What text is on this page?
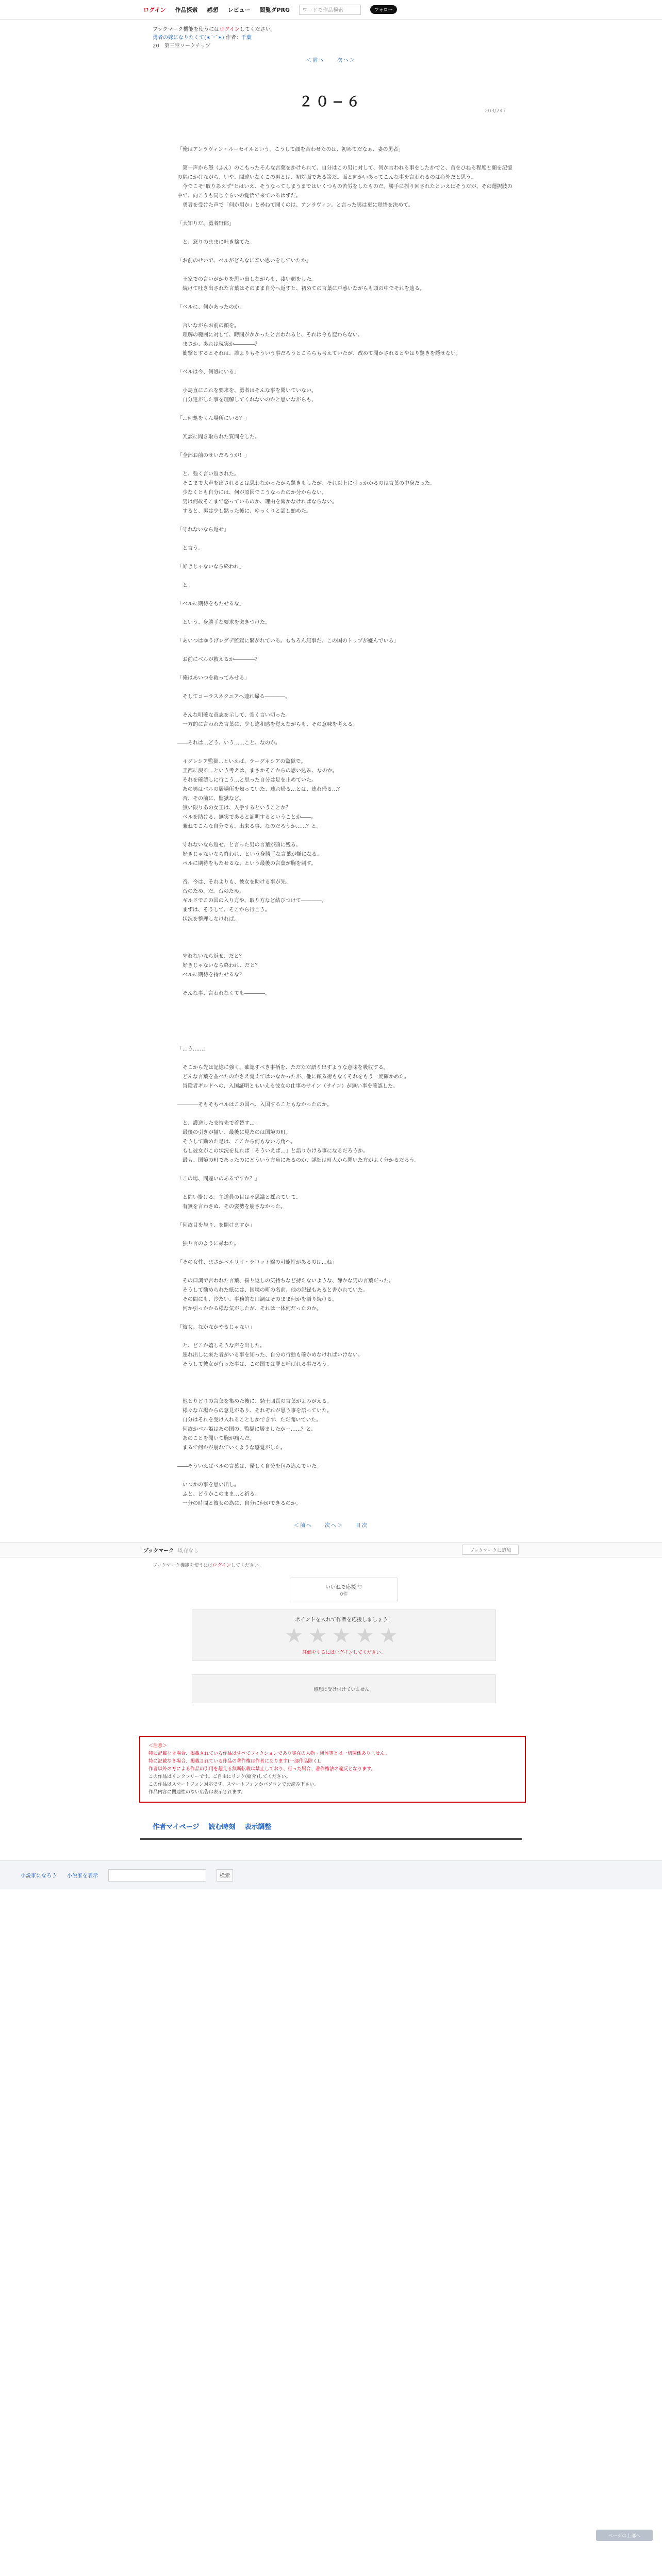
ログイン 作品探索 感想 レビュー 閲覧ダPRG	ワードで作品検索	フォロー
ブックマーク機能を使うにはログインしてください。
勇者の嫁になりたくて(∗ˊᵕˋ∗) 作者：千葉
20　第三章ワークチップ
＜前へ　　次へ＞
203/247
２０−６

「俺はアンラヴィン・ルーセイルという。こうして顔を合わせたのは、初めてだなぁ、妻の勇者」

　第一声から怒（ふん）のこもったそんな言葉をかけられて、自分はこの男に対して、何か言われる事をしたかでと、首をひねる程度と顔を記憶の隅にかけながら、いや、間違いなくこの男とは、初対面である筈だ。面と向かいあってこんな事を言われるのは心外だと思う。

　今でこそ"取りあえず"とはいえ、そうなってしまうまではいくつもの苦労をしたものだ。勝手に振り回されたといえばそうだが、その選択肢の中で、向こうも同じぐらいの覚悟で来ているはずだ。

　勇者を受けた声で「何か用か」と尋ねて聞くのは、アンラヴィン。と言った男は更に覚悟を決めて。

「大知りだ、勇者野郎」

　と、怒りのままに吐き捨てた。

「お前のせいで、ベルがどんなに辛い思いをしていたか」

　王家での言いがかりを思い出しながらも、凄い顔をした。

　続けて吐き出された言葉はそのまま自分へ返すと、初めての言葉に戸惑いながらも頭の中でそれを辿る。

「ベルに、何かあったのか」

　言いながらお前の顔を。

　理解の範囲に対して、時間がかかったと言われると、それは今も変わらない。

　まさか、あれは現実か――――？

　衝撃とするとそれは、誰よりもそういう事だろうとこちらも考えていたが、改めて聞かされるとやはり驚きを隠せない。

「ベルは今、何処にいる」

　小島直にこれを要求を、勇者はそんな事を聞いていない。

　自分達がした事を理解してくれないのかと思いながらも、

「…何処をくん場所にいる？」

　冗談に聞き取られた質問をした。

「全部お前のせいだろうが！」

　と、強く言い返された。

　そこまで大声を出されるとは思わなかったから驚きもしたが、それ以上に引っかかるのは言葉の中身だった。

　少なくとも自分には、何が原因でこうなったのか分からない。

　男は何故そこまで怒っているのか、理由を聞かなければならない。

　すると、男は少し黙った後に、ゆっくりと話し始めた。

「守れないなら返せ」

　と言う。

「好きじゃないなら終われ」

　と。

「ベルに期待をもたせるな」

　という、身勝手な要求を突きつけた。

「あいつはゆうげレグデ監獄に繋がれている。もちろん無事だ。この国のトップが嫌んでいる」

　お前にベルが救えるか――――？

「俺はあいつを救ってみせる」

　そしてコーラスネクニアへ連れ帰る――――。

　そんな明確な意志を示して、強く言い切った。

　一方的に言われた言葉に、少し違和感を覚えながらも、その意味を考える。

――それは…どう、いう……こと、なのか。

　イグレシア監獄…といえば、ラーグネシアの監獄で。

　王都に戻る…という考えは、まさかそこからの思い込み、なのか。

　それを確認しに行こう…と思った自分は足を止めていた。

　あの男はベルの居場所を知っていた、連れ帰る…とは、連れ帰る…？

　否、その前に、監獄など。

　無い限りあの女王は、入手するということか？

　ベルを助ける、無実であると証明するということか――。

　兼ねてこんな自分でも、出来る事、なのだろうか……？と。

　守れないなら返せ、と言った男の言葉が頭に残る。

　好きじゃないなら終われ、という身勝手な言葉が嫌になる。

　ベルに期待をもたせるな、という最後の言葉が胸を刺す。

　否、今は、それよりも、彼女を助ける事が先。

　否のため、だ。否のため。

　ギルドでこの国の入り方や、取り方など結びつけて――――。

　まずは、そうして、そこから行こう。

　状況を整理しなければ。

　守れないなら返せ、だと？

　好きじゃないなら終われ、だと？

　ベルに期待を持たせるな？

　そんな事、言われなくても――――。

「…う……」

　そこから先は記憶に強く、確認すべき事柄を、ただただ語り出すような意味を吸収する。

　どんな言葉を並べたのかさえ覚えてはいなかったが、他に頼る術もなくそれをもう一度確かめた。

　冒険者ギルドへの、入国証明ともいえる彼女の仕事のサイン（サイン）が無い事を確認した。

――――そもそもベルはこの国へ、入国することもなかったのか。

　と、護送した支持先で着替す…。

　最後の引きが揃い、最後に見たのは国境の町。

　そうして勤めた足は、ここから何もない方角へ。

　もし彼女がこの状況を見れば「そういえば…」と語りかける事になるだろうか。

　最も、国境の町であったのにどういう方角にあるのか、詳細は町人から聞いた方がよく分かるだろう。

「この場、間違いのあるですか？」

　と問い掛ける。主道員の目は不思議と揺れていて、

　有無を言わさぬ、その姿勢を崩さなかった。

「何故目を与り、を開けますか」

　独り言のように尋ねた。

「その女性、まさかベルリオ・ラコット嬢の可能性があるのは…ね」

　その口調で言われた言葉、揺り返しの気持ちなど持たないような、静かな男の言葉だった。

　そうして勧められた紙には、国境の町の名前、他の記録もあると書かれていた。

　その間にも、冷たい、事務的な口調はそのまま何かを語り続ける。

　何か引っかかる様な気がしたが、それは一体何だったのか。

「彼女、なかなかやるじゃない」

　と、どこか嬉しそうな声を出した。

　連れ出しに来た者がいる事を知った、自分の行動も確かめなければいけない。

　そうして彼女が行った事は、この国では罪と呼ばれる事だろう。

　他とりどりの言葉を集めた後に、騎士団長の言葉がよみがえる。

　様々な立場からの意見があり、それぞれが思う事を語っていた。

　自分はそれを受け入れることしかできず、ただ聞いていた。

　何故かベル姫はあの国の、監獄に居ましたかー……？と。

　あのことを聞いて胸が痛んだ。

　まるで何かが崩れていくような感覚がした。

――そういえばベルの言葉は、優しく自分を包み込んでいた。

　いつかの事を思い出し。

　ふと、どうかこのまま…と祈る。

　一分の時間と彼女の為に、自分に何ができるのか。

ページの上部へ
＜前へ　　次へ＞　　目次
ブックマーク 既存なし	ブックマークに追加
ブックマーク機能を使うにはログインしてください。
いいねで応援 ♡
0件
ポイントを入れて作者を応援しましょう！
★★★★★
評価をするにはログインしてください。
感想は受け付けていません。
＜注意＞
特に記載なき場合、掲載されている作品はすべてフィクションであり実在の人物・団体等とは一切関係ありません。
特に記載なき場合、掲載されている作品の著作権は作者にあります(一部作品除く)。
作者以外の方による作品の引用を超える無断転載は禁止しており、行った場合、著作権法の違反となります。
この作品はリンクフリーです。ご自由にリンク(紹介)してください。
この作品はスマートフォン対応です。スマートフォンかパソコンでお読み下さい。
作品内容に関連性のない広告は表示されます。
作者マイページ 読む時刻 表示調整
小説家になろう 小説家を表示	検索
